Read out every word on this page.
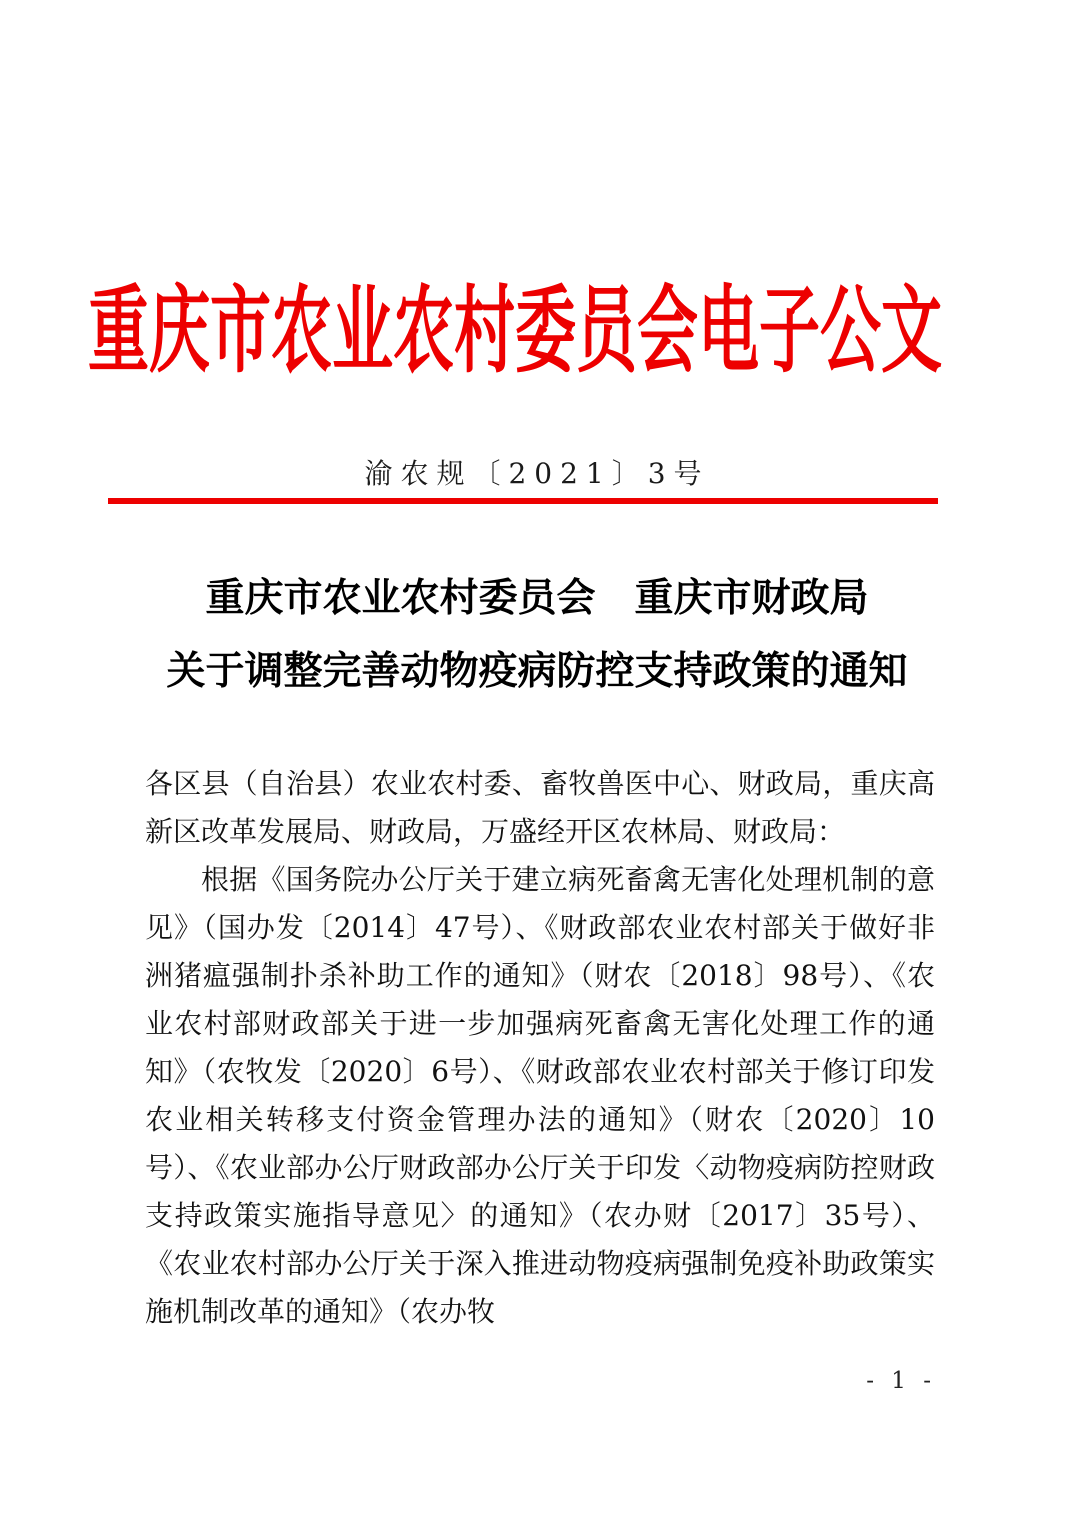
重庆市农业农村委员会电子公文
渝农规〔2021〕3号
重庆市农业农村委员会　重庆市财政局
关于调整完善动物疫病防控支持政策的通知

各区县（自治县）农业农村委、畜牧兽医中心、财政局，重庆高新区改革发展局、财政局，万盛经开区农林局、财政局：

根据《国务院办公厅关于建立病死畜禽无害化处理机制的意见》（国办发〔2014〕47号）、《财政部农业农村部关于做好非洲猪瘟强制扑杀补助工作的通知》（财农〔2018〕98号）、《农业农村部财政部关于进一步加强病死畜禽无害化处理工作的通知》（农牧发〔2020〕6号）、《财政部农业农村部关于修订印发农业相关转移支付资金管理办法的通知》（财农〔2020〕10号）、《农业部办公厅财政部办公厅关于印发〈动物疫病防控财政支持政策实施指导意见〉的通知》（农办财〔2017〕35号）、《农业农村部办公厅关于深入推进动物疫病强制免疫补助政策实施机制改革的通知》（农办牧

- 1 -
